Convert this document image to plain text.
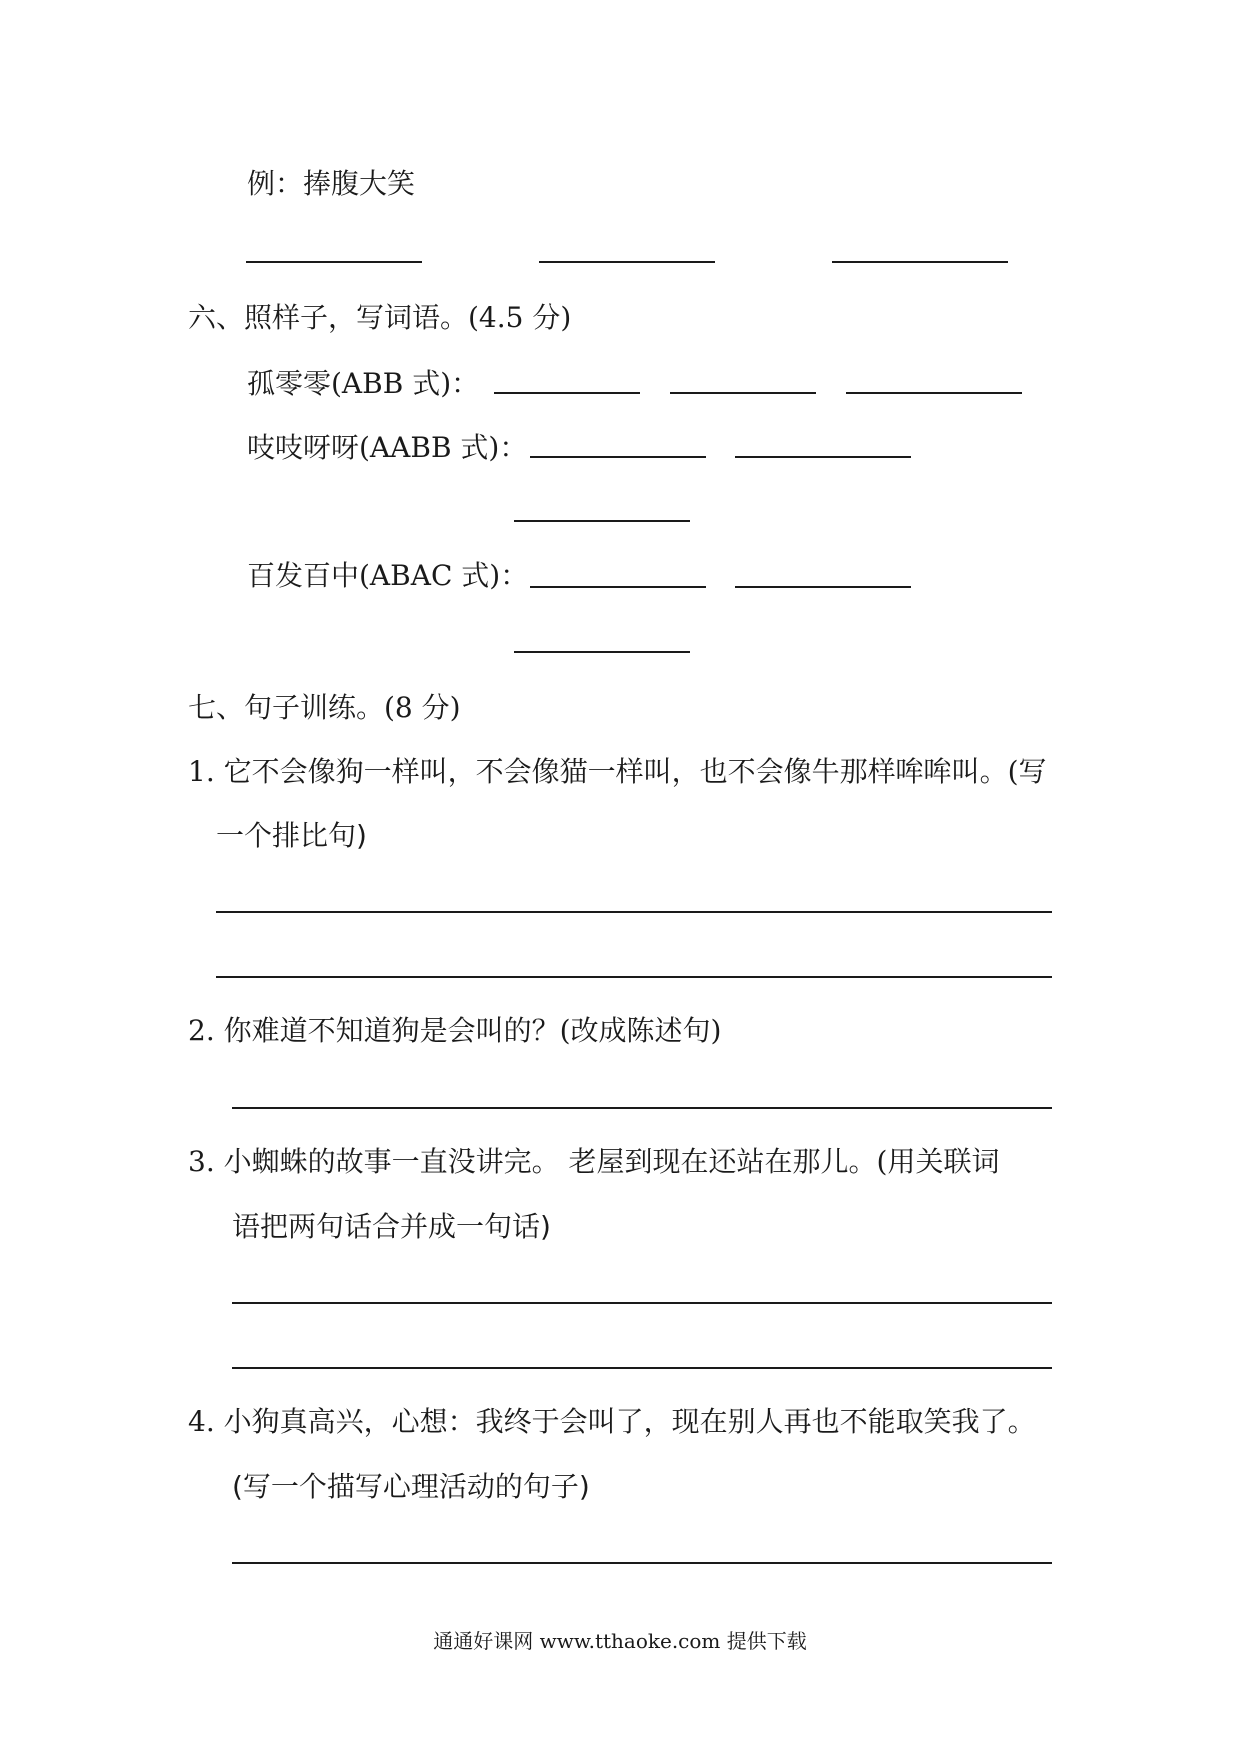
例：捧腹大笑
六、照样子，写词语。(4.5 分)
孤零零(ABB 式)：
吱吱呀呀(AABB 式)：
百发百中(ABAC 式)：
七、句子训练。(8 分)
1. 它不会像狗一样叫，不会像猫一样叫，也不会像牛那样哞哞叫。(写
一个排比句)
2. 你难道不知道狗是会叫的？(改成陈述句)
3. 小蜘蛛的故事一直没讲完。 老屋到现在还站在那儿。(用关联词
语把两句话合并成一句话)
4. 小狗真高兴，心想：我终于会叫了，现在别人再也不能取笑我了。
(写一个描写心理活动的句子)
通通好课网 www.tthaoke.com 提供下载
